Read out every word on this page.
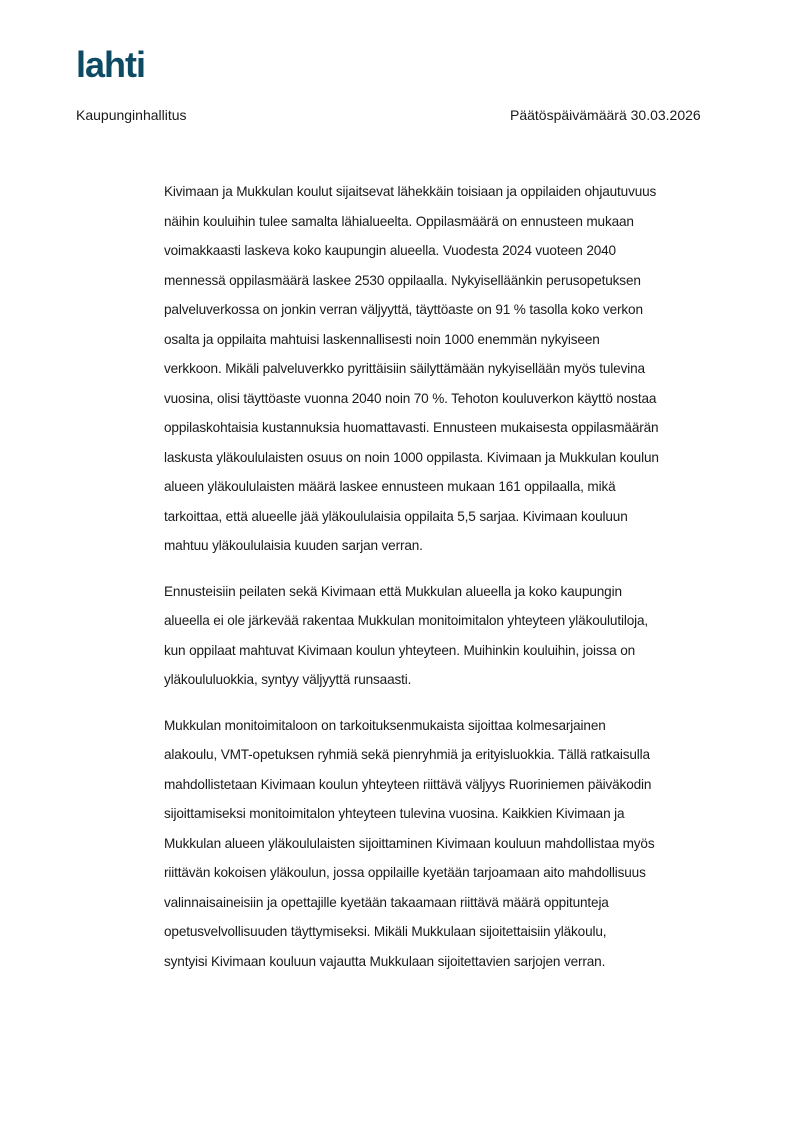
lahti
Kaupunginhallitus	Päätöspäivämäärä 30.03.2026

Kivimaan ja Mukkulan koulut sijaitsevat lähekkäin toisiaan ja oppilaiden ohjautuvuus
näihin kouluihin tulee samalta lähialueelta. Oppilasmäärä on ennusteen mukaan
voimakkaasti laskeva koko kaupungin alueella. Vuodesta 2024 vuoteen 2040
mennessä oppilasmäärä laskee 2530 oppilaalla. Nykyiselläänkin perusopetuksen
palveluverkossa on jonkin verran väljyyttä, täyttöaste on 91 % tasolla koko verkon
osalta ja oppilaita mahtuisi laskennallisesti noin 1000 enemmän nykyiseen
verkkoon. Mikäli palveluverkko pyrittäisiin säilyttämään nykyisellään myös tulevina
vuosina, olisi täyttöaste vuonna 2040 noin 70 %. Tehoton kouluverkon käyttö nostaa
oppilaskohtaisia kustannuksia huomattavasti. Ennusteen mukaisesta oppilasmäärän
laskusta yläkoululaisten osuus on noin 1000 oppilasta. Kivimaan ja Mukkulan koulun
alueen yläkoululaisten määrä laskee ennusteen mukaan 161 oppilaalla, mikä
tarkoittaa, että alueelle jää yläkoululaisia oppilaita 5,5 sarjaa. Kivimaan kouluun
mahtuu yläkoululaisia kuuden sarjan verran.

Ennusteisiin peilaten sekä Kivimaan että Mukkulan alueella ja koko kaupungin
alueella ei ole järkevää rakentaa Mukkulan monitoimitalon yhteyteen yläkoulutiloja,
kun oppilaat mahtuvat Kivimaan koulun yhteyteen. Muihinkin kouluihin, joissa on
yläkoululuokkia, syntyy väljyyttä runsaasti.

Mukkulan monitoimitaloon on tarkoituksenmukaista sijoittaa kolmesarjainen
alakoulu, VMT-opetuksen ryhmiä sekä pienryhmiä ja erityisluokkia. Tällä ratkaisulla
mahdollistetaan Kivimaan koulun yhteyteen riittävä väljyys Ruoriniemen päiväkodin
sijoittamiseksi monitoimitalon yhteyteen tulevina vuosina. Kaikkien Kivimaan ja
Mukkulan alueen yläkoululaisten sijoittaminen Kivimaan kouluun mahdollistaa myös
riittävän kokoisen yläkoulun, jossa oppilaille kyetään tarjoamaan aito mahdollisuus
valinnaisaineisiin ja opettajille kyetään takaamaan riittävä määrä oppitunteja
opetusvelvollisuuden täyttymiseksi. Mikäli Mukkulaan sijoitettaisiin yläkoulu,
syntyisi Kivimaan kouluun vajautta Mukkulaan sijoitettavien sarjojen verran.
